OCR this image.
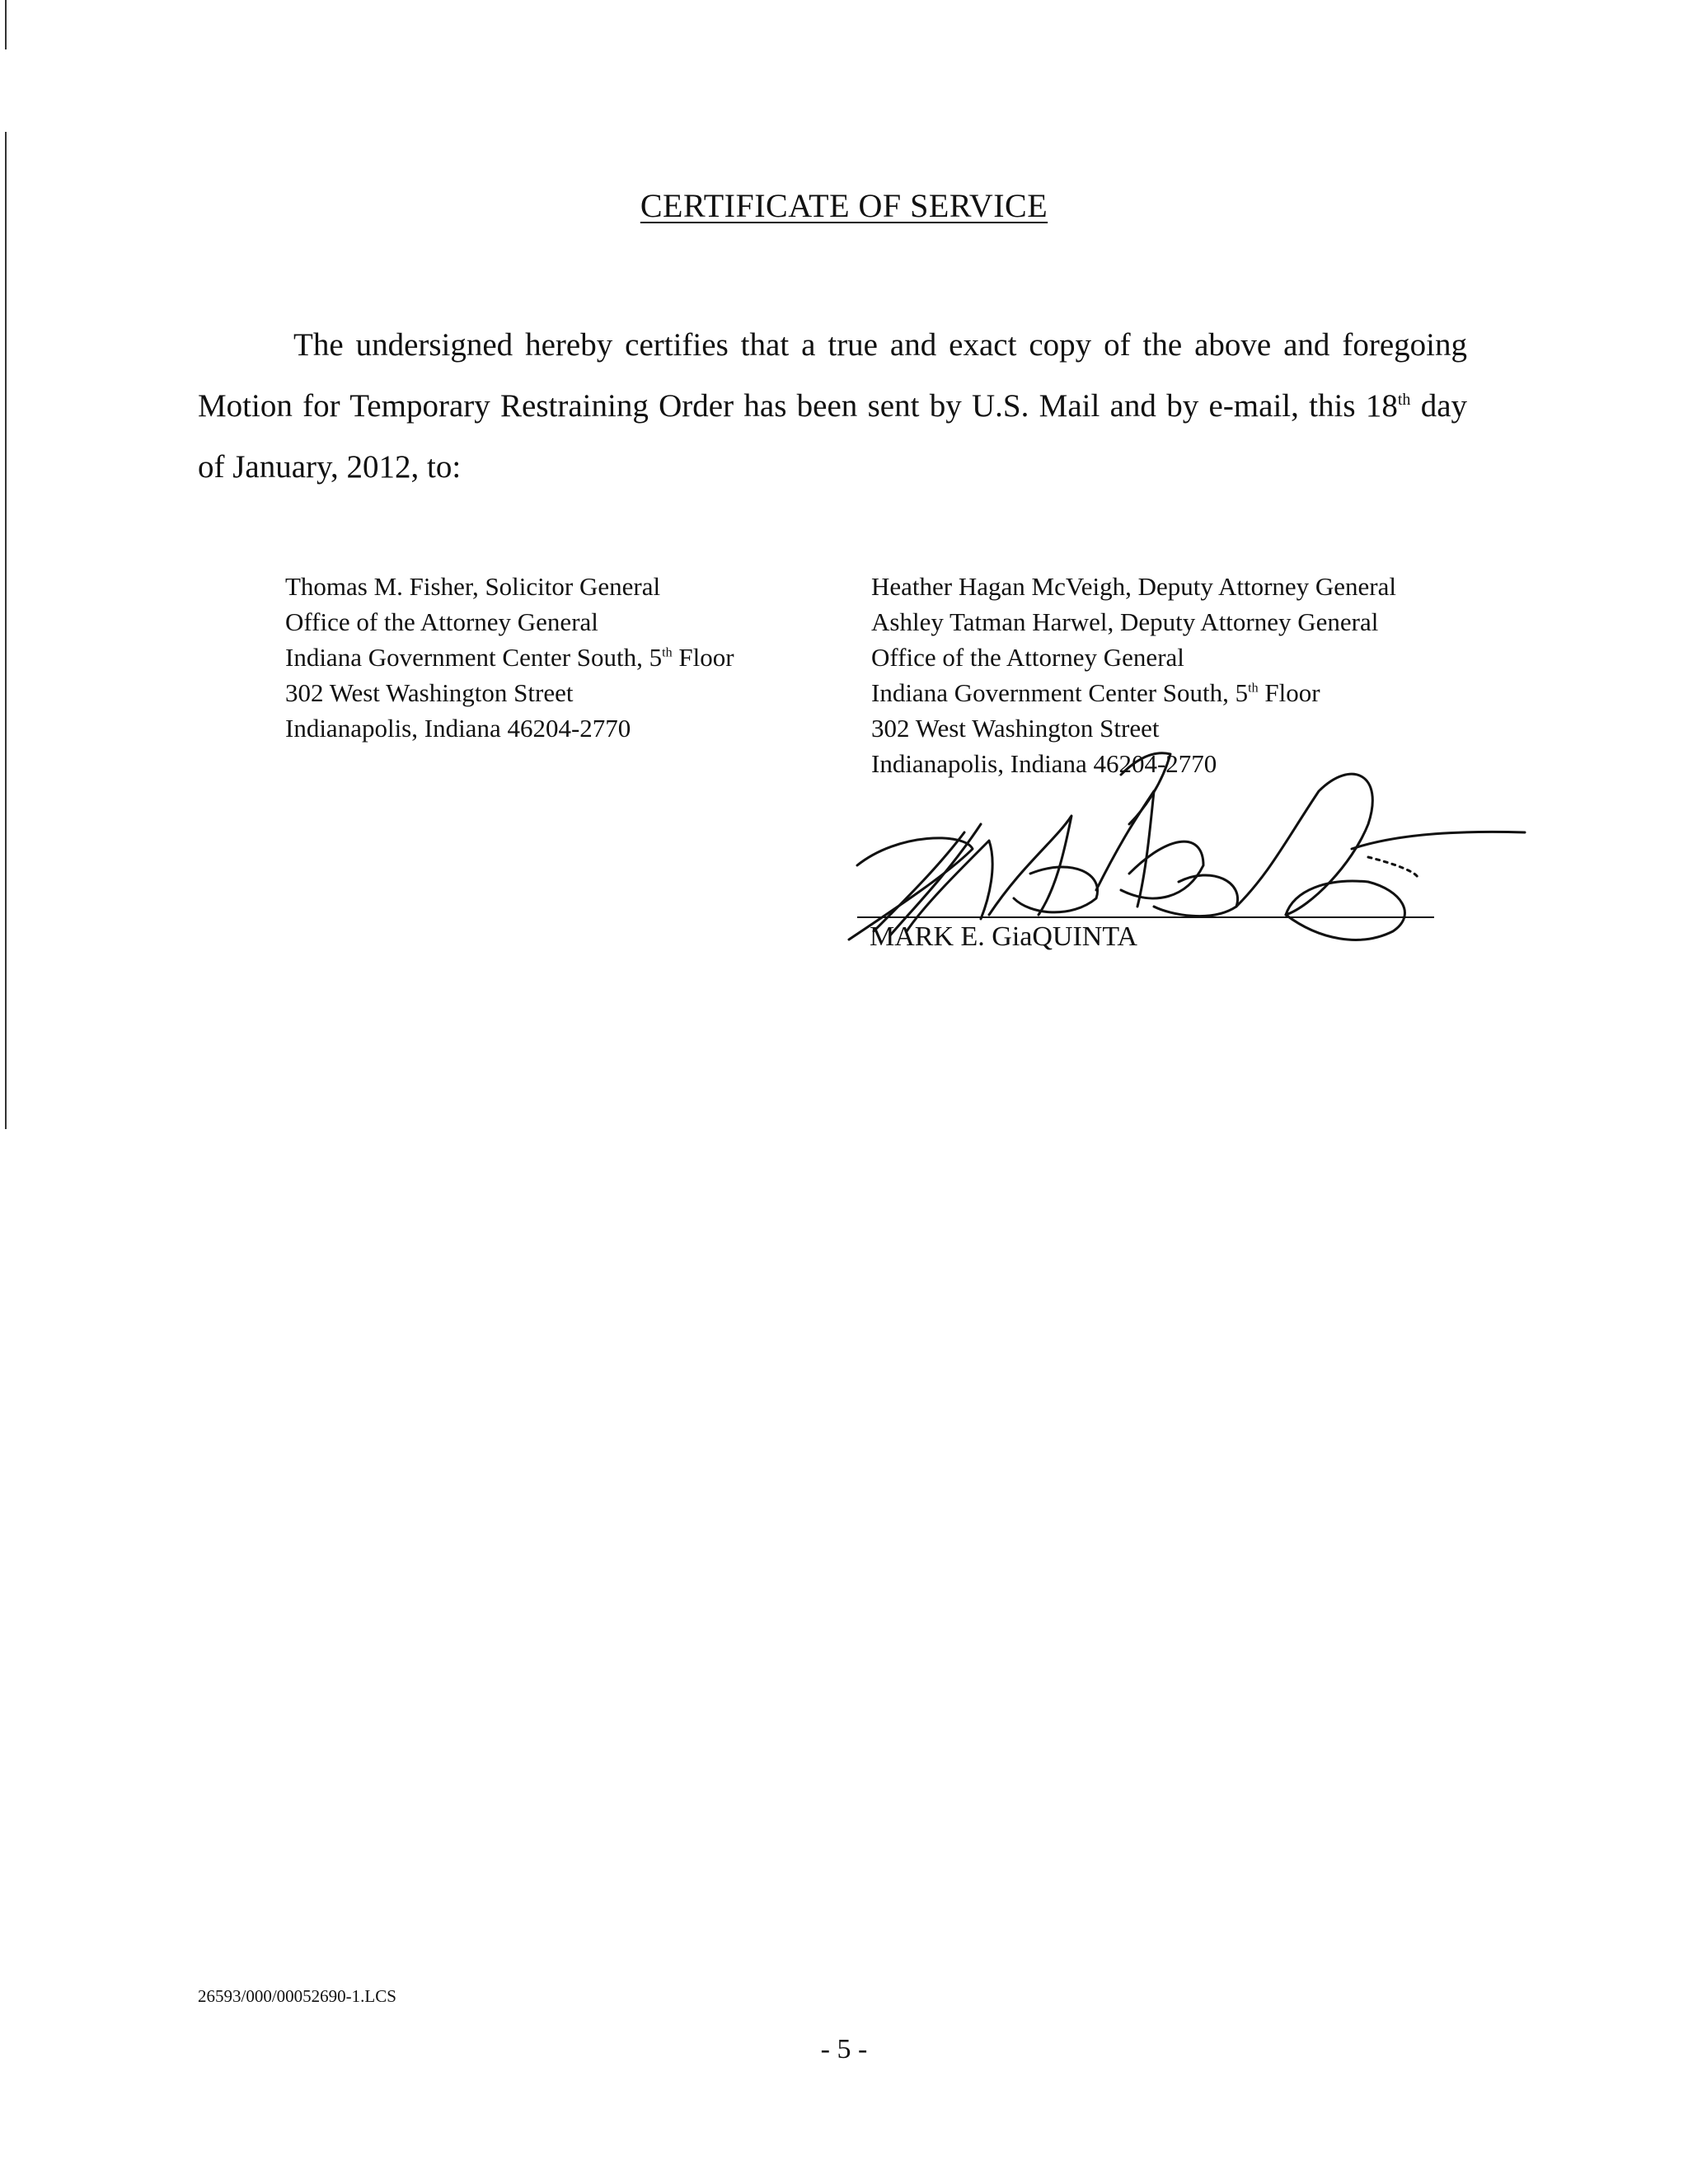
CERTIFICATE OF SERVICE
The undersigned hereby certifies that a true and exact copy of the above and foregoing Motion for Temporary Restraining Order has been sent by U.S. Mail and by e-mail, this 18th day of January, 2012, to:
Thomas M. Fisher, Solicitor General
Office of the Attorney General
Indiana Government Center South, 5th Floor
302 West Washington Street
Indianapolis, Indiana 46204-2770
Heather Hagan McVeigh, Deputy Attorney General
Ashley Tatman Harwel, Deputy Attorney General
Office of the Attorney General
Indiana Government Center South, 5th Floor
302 West Washington Street
Indianapolis, Indiana 46204-2770
MARK E. GiaQUINTA
26593/000/00052690-1.LCS
- 5 -
